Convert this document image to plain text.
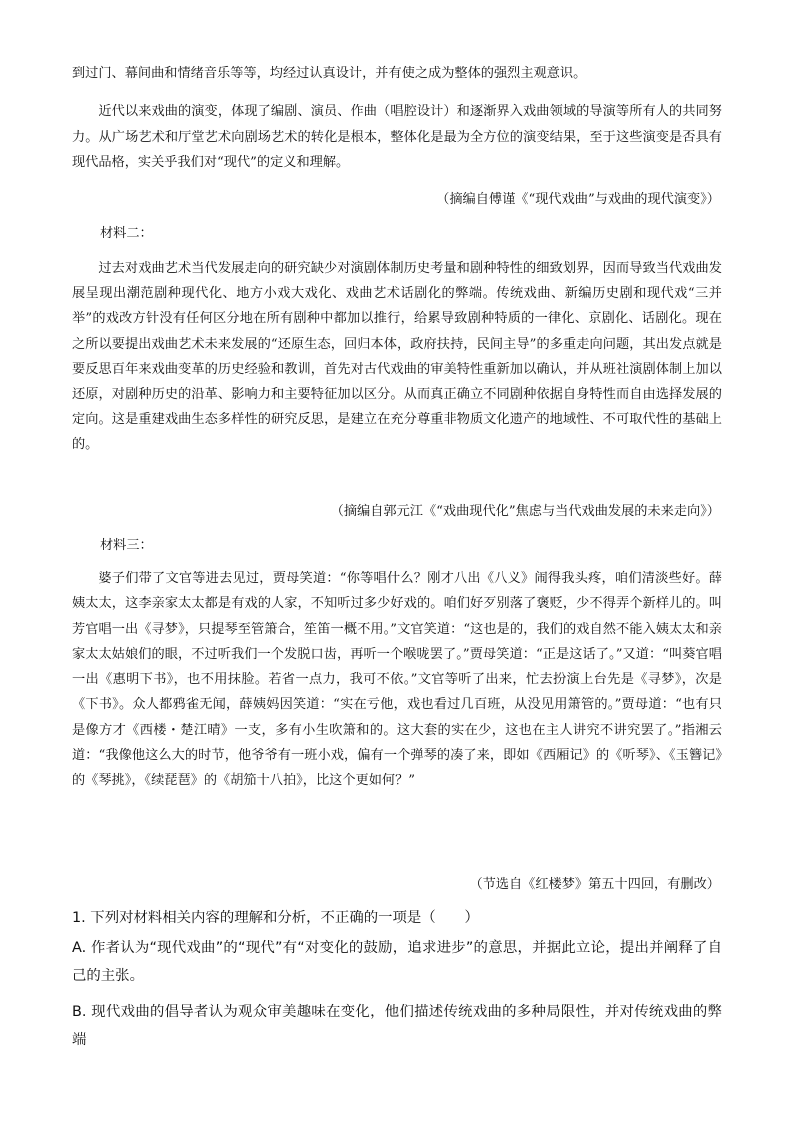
到过门、幕间曲和情绪音乐等等，均经过认真设计，并有使之成为整体的强烈主观意识。

近代以来戏曲的演变，体现了编剧、演员、作曲（唱腔设计）和逐渐界入戏曲领域的导演等所有人的共同努力。从广场艺术和厅堂艺术向剧场艺术的转化是根本，整体化是最为全方位的演变结果，至于这些演变是否具有现代品格，实关乎我们对“现代”的定义和理解。

（摘编自傅谨《“现代戏曲”与戏曲的现代演变》）

材料二：

过去对戏曲艺术当代发展走向的研究缺少对演剧体制历史考量和剧种特性的细致划界，因而导致当代戏曲发展呈现出潮范剧种现代化、地方小戏大戏化、戏曲艺术话剧化的弊端。传统戏曲、新编历史剧和现代戏“三并举”的戏改方针没有任何区分地在所有剧种中都加以推行，给累导致剧种特质的一律化、京剧化、话剧化。现在之所以要提出戏曲艺术未来发展的“还原生态，回归本体，政府扶持，民间主导”的多重走向问题，其出发点就是要反思百年来戏曲变革的历史经验和教训，首先对古代戏曲的审美特性重新加以确认，并从班社演剧体制上加以还原，对剧种历史的沿革、影响力和主要特征加以区分。从而真正确立不同剧种依据自身特性而自由选择发展的定向。这是重建戏曲生态多样性的研究反思，是建立在充分尊重非物质文化遗产的地域性、不可取代性的基础上的。

（摘编自郭元江《“戏曲现代化”焦虑与当代戏曲发展的未来走向》）

材料三：

婆子们带了文官等进去见过，贾母笑道：“你等唱什么？刚才八出《八义》闹得我头疼，咱们清淡些好。薛姨太太，这李亲家太太都是有戏的人家，不知听过多少好戏的。咱们好歹别落了褒贬，少不得弄个新样儿的。叫芳官唱一出《寻梦》，只提琴至管箫合，笙笛一概不用。”文官笑道：“这也是的，我们的戏自然不能入姨太太和亲家太太姑娘们的眼，不过听我们一个发脱口齿，再听一个喉咙罢了。”贾母笑道：“正是这话了。”又道：“叫葵官唱一出《惠明下书》，也不用抹脸。若省一点力，我可不依。”文官等听了出来，忙去扮演上台先是《寻梦》，次是《下书》。众人都鸦雀无闻，薛姨妈因笑道：“实在亏他，戏也看过几百班，从没见用箫管的。”贾母道：“也有只是像方才《西楼・楚江晴》一支，多有小生吹箫和的。这大套的实在少，这也在主人讲究不讲究罢了。”指湘云道：“我像他这么大的时节，他爷爷有一班小戏，偏有一个弹琴的凑了来，即如《西厢记》的《听琴》、《玉簪记》的《琴挑》，《续琵琶》的《胡笳十八拍》，比这个更如何？”

（节选自《红楼梦》第五十四回，有删改）

1. 下列对材料相关内容的理解和分析，不正确的一项是（　　）

A. 作者认为“现代戏曲”的“现代”有“对变化的鼓励，追求进步”的意思，并据此立论，提出并阐释了自己的主张。

B. 现代戏曲的倡导者认为观众审美趣味在变化，他们描述传统戏曲的多种局限性，并对传统戏曲的弊端
